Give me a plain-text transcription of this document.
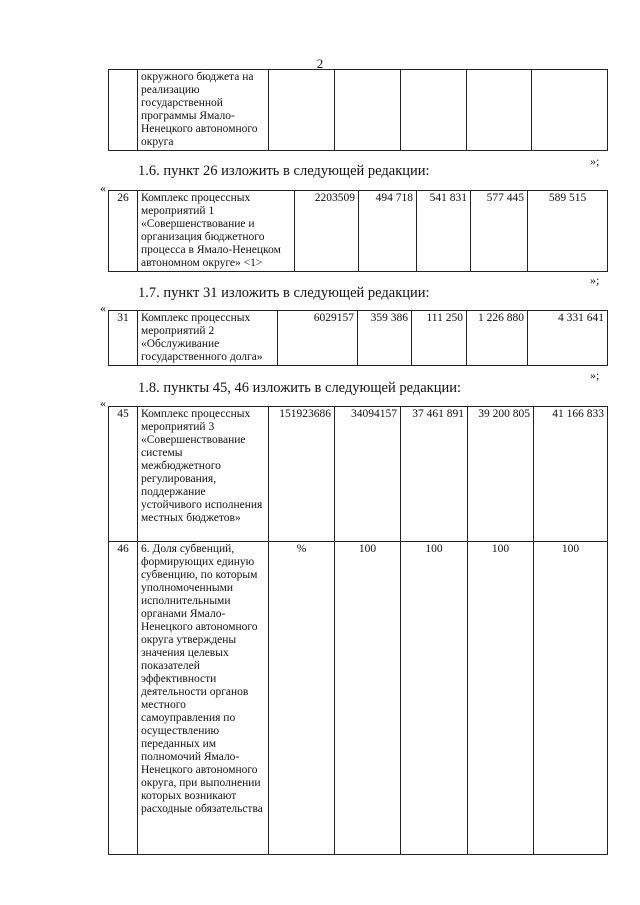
2
	окружного бюджета на реализацию государственной программы Ямало-Ненецкого автономного округа					
»;
1.6. пункт 26 изложить в следующей редакции:
«
26	Комплекс процессных мероприятий 1 «Совершенствование и организация бюджетного процесса в Ямало-Ненецком автономном округе» <1>	2203509	494 718	541 831	577 445	589 515
»;
1.7. пункт 31 изложить в следующей редакции:
«
31	Комплекс процессных мероприятий 2 «Обслуживание государственного долга»	6029157	359 386	111 250	1 226 880	4 331 641
»;
1.8. пункты 45, 46 изложить в следующей редакции:
«
45	Комплекс процессных мероприятий 3 «Совершенствование системы межбюджетного регулирования, поддержание устойчивого исполнения местных бюджетов»	151923686	34094157	37 461 891	39 200 805	41 166 833
46	6. Доля субвенций, формирующих единую субвенцию, по которым уполномоченными исполнительными органами Ямало-Ненецкого автономного округа утверждены значения целевых показателей эффективности деятельности органов местного самоуправления по осуществлению переданных им полномочий Ямало-Ненецкого автономного округа, при выполнении которых возникают расходные обязательства	%	100	100	100	100
